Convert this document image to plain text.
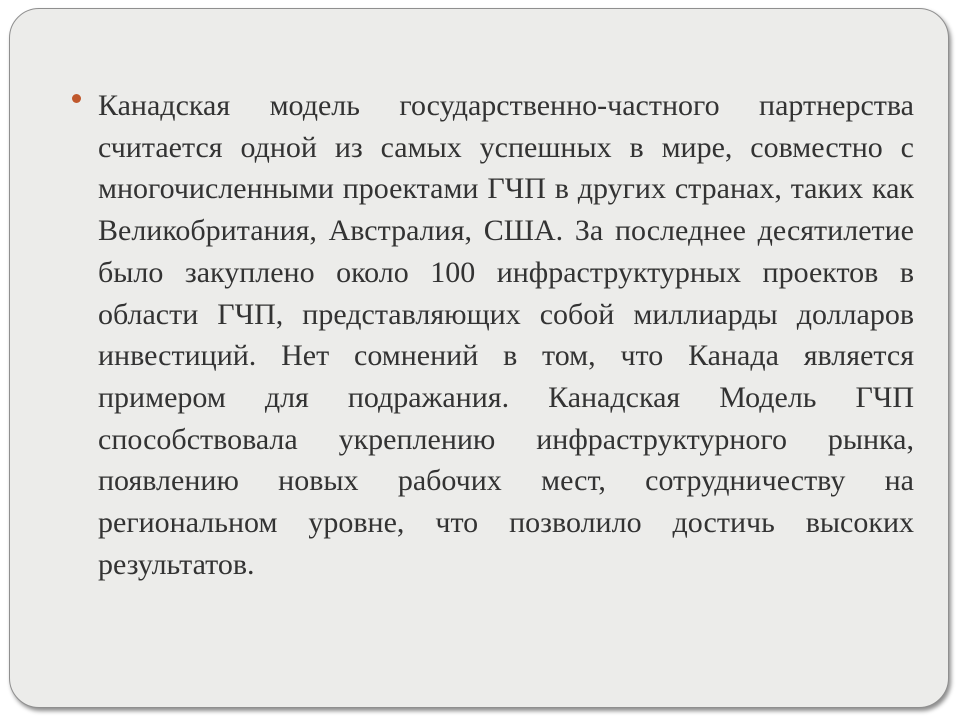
Канадская модель государственно-частного партнерства считается одной из самых успешных в мире, совместно с многочисленными проектами ГЧП в других странах, таких как Великобритания, Австралия, США. За последнее десятилетие было закуплено около 100 инфраструктурных проектов в области ГЧП, представляющих собой миллиарды долларов инвестиций. Нет сомнений в том, что Канада является примером для подражания. Канадская Модель ГЧП способствовала укреплению инфраструктурного рынка, появлению новых рабочих мест, сотрудничеству на региональном уровне, что позволило достичь высоких результатов.
